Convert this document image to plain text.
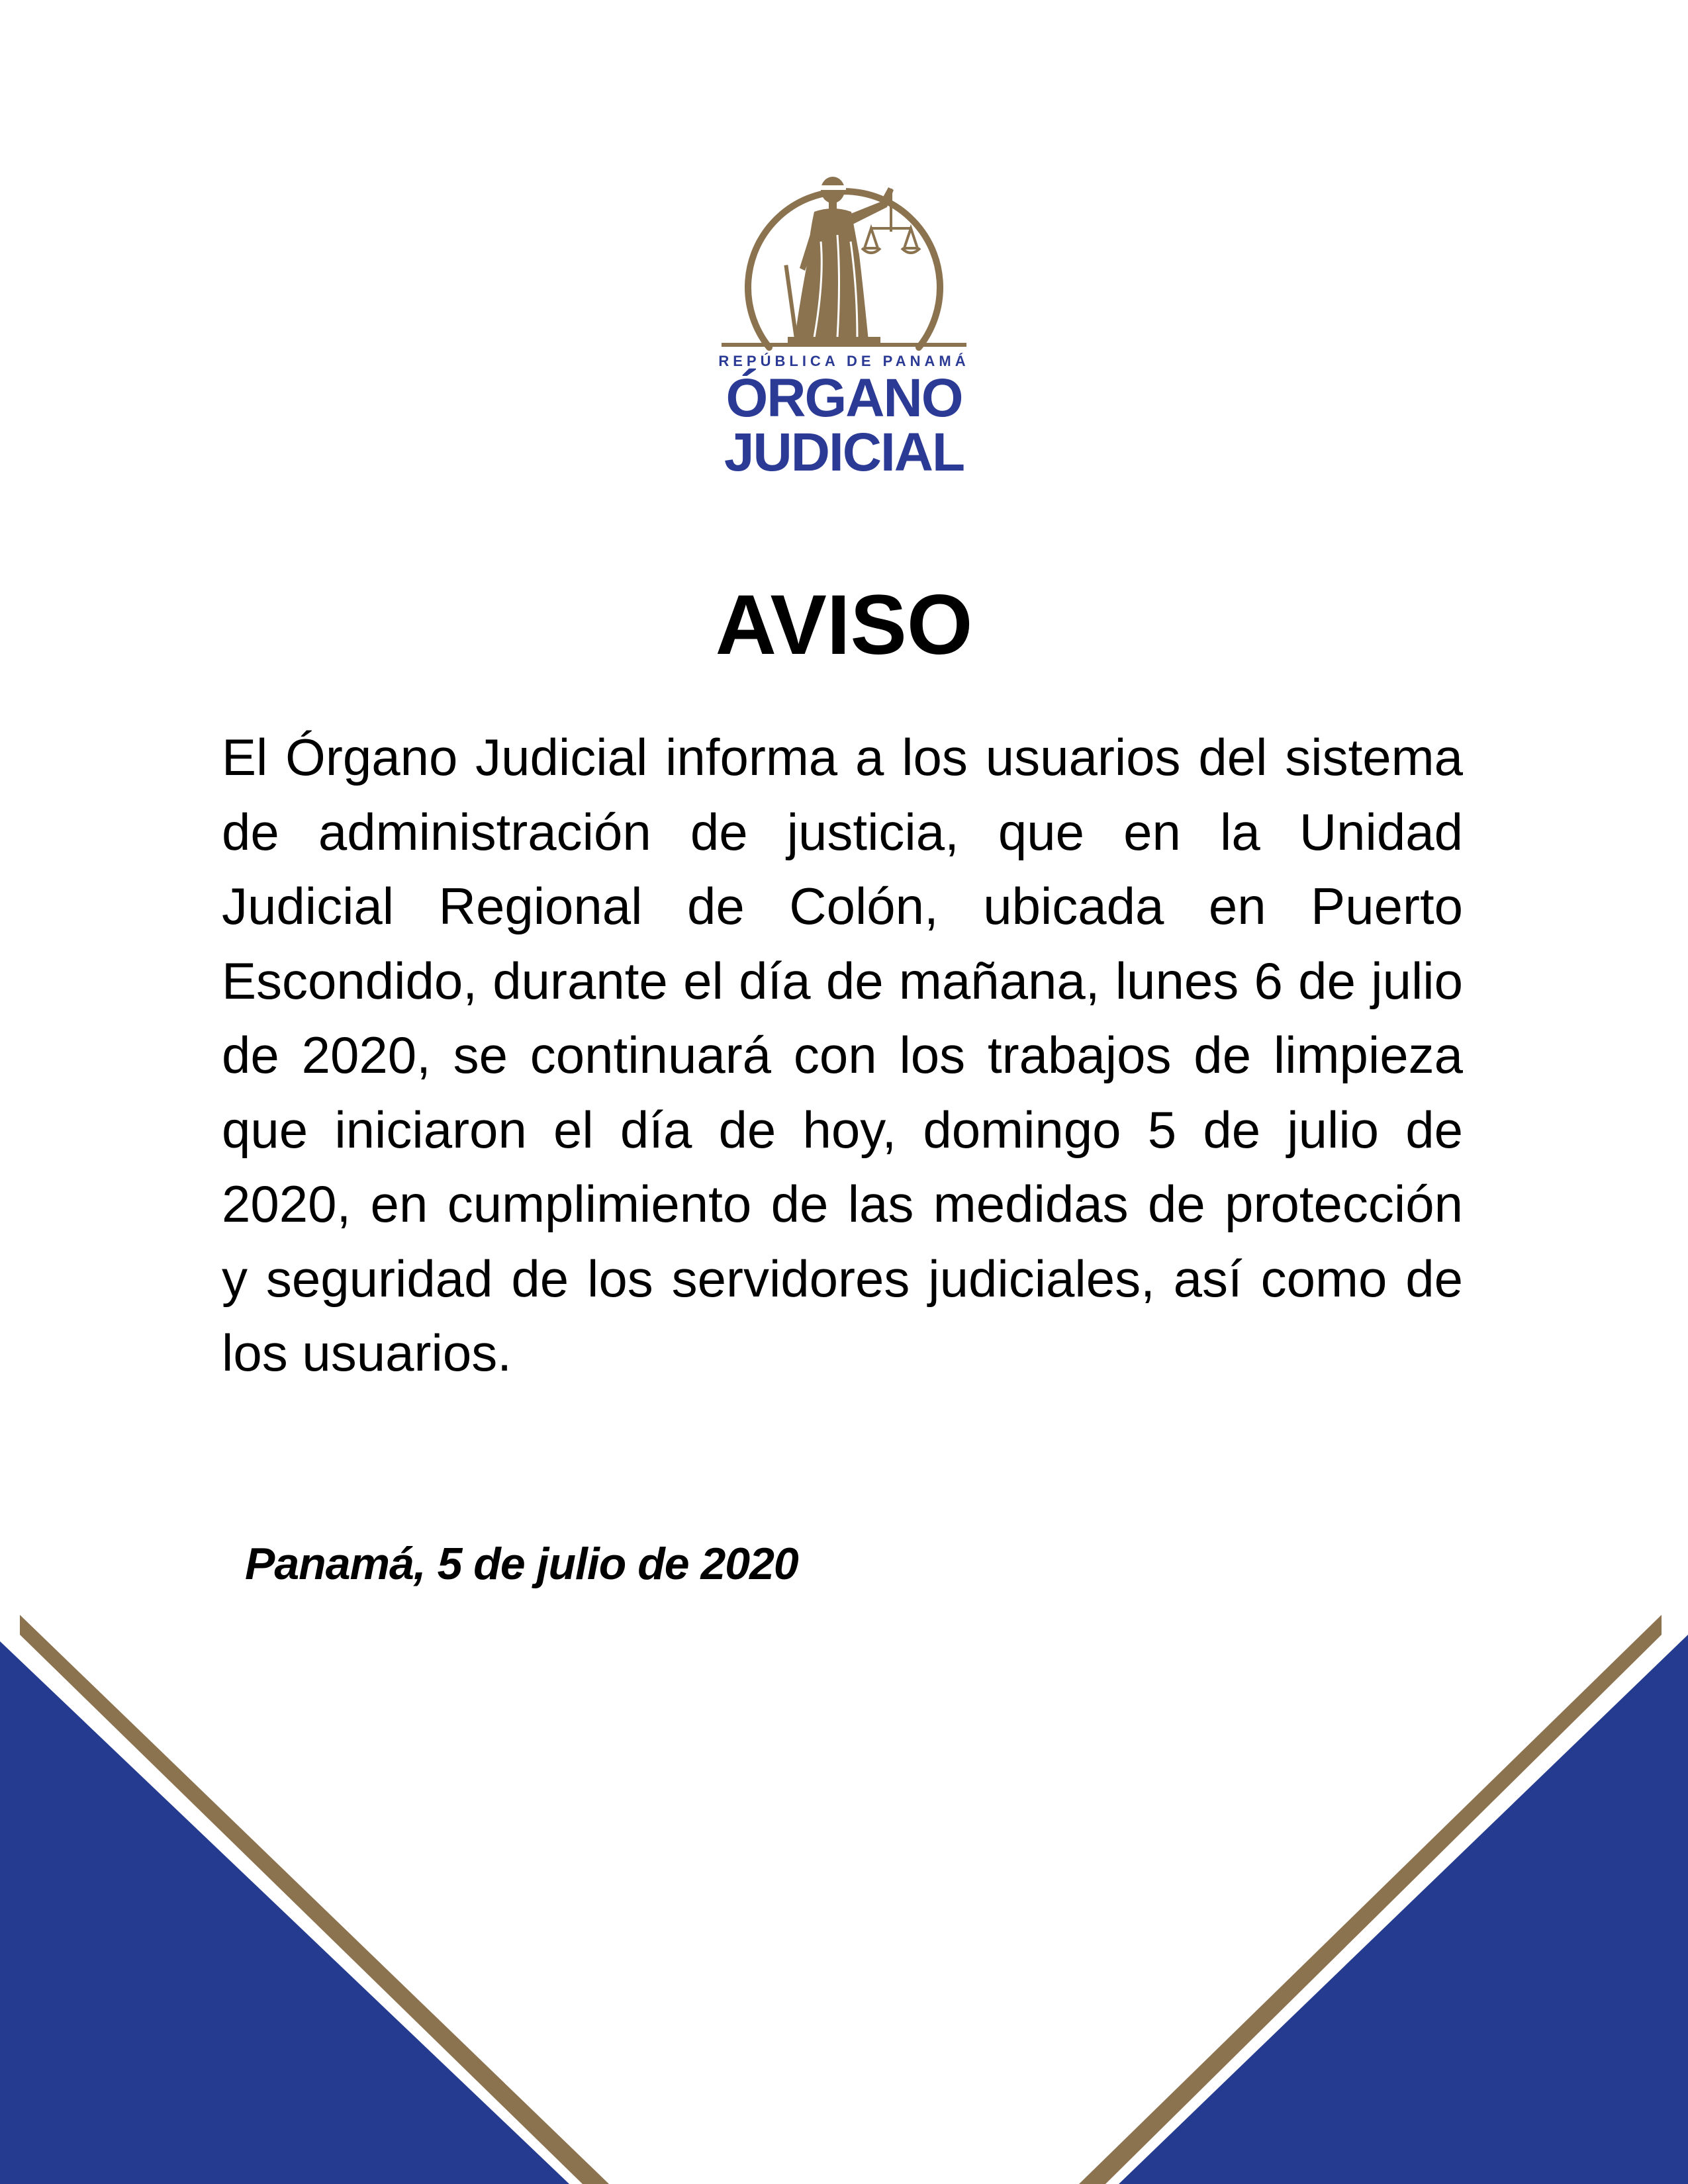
REPÚBLICA DE PANAMÁ
ÓRGANO
JUDICIAL
AVISO

El Órgano Judicial informa a los usuarios del sistema de administración de justicia, que en la Unidad Judicial Regional de Colón, ubicada en Puerto Escondido, durante el día de mañana, lunes 6 de julio de 2020, se continuará con los trabajos de limpieza que iniciaron el día de hoy, domingo 5 de julio de 2020, en cumplimiento de las medidas de protección y seguridad de los servidores judiciales, así como de los usuarios.

Panamá, 5 de julio de 2020
